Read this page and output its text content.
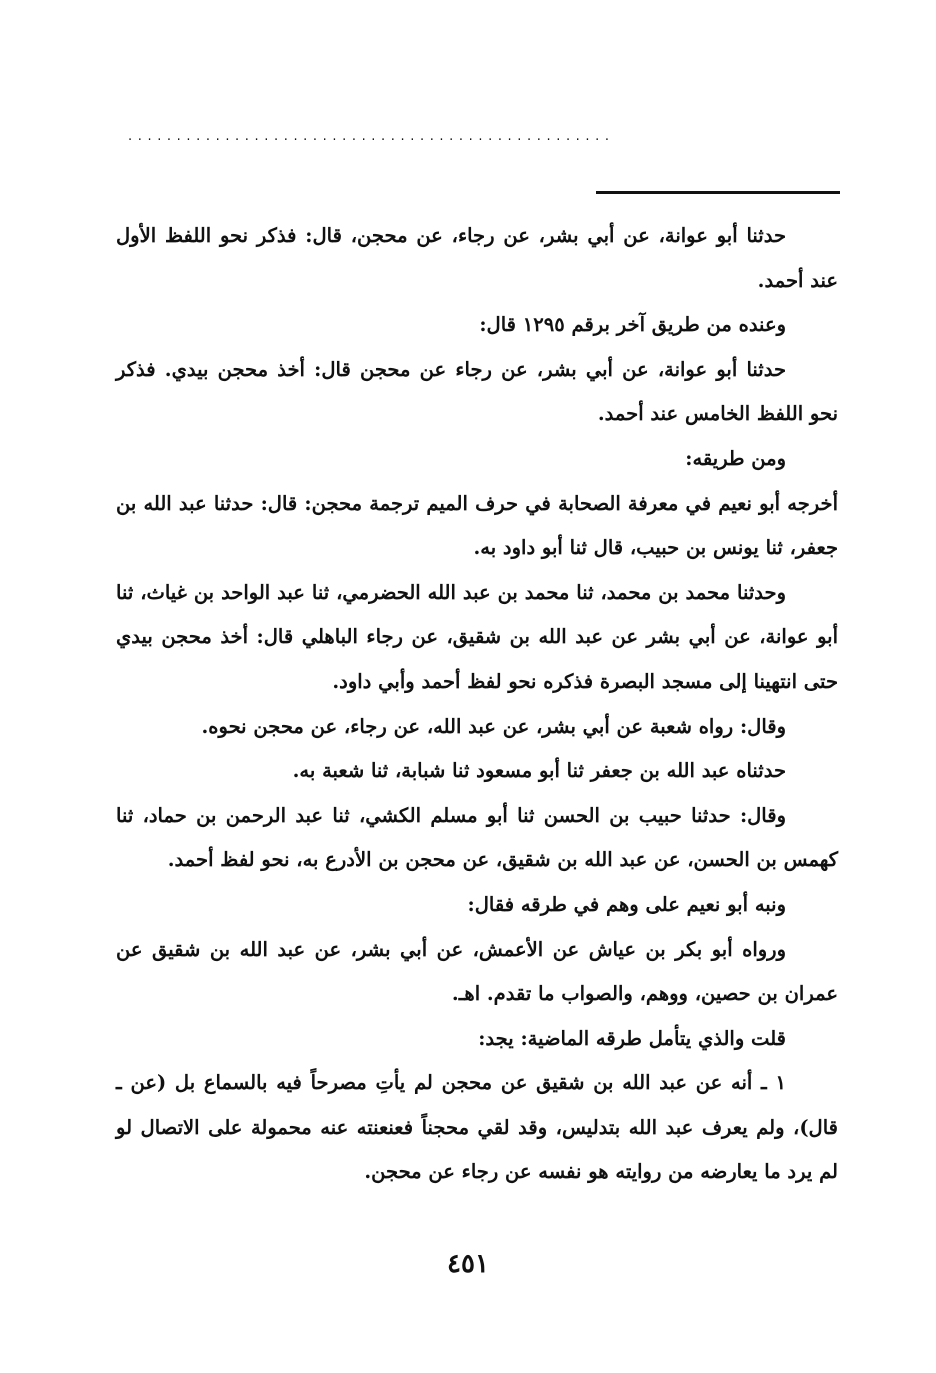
··················································

حدثنا أبو عوانة، عن أبي بشر، عن رجاء، عن محجن، قال: فذكر نحو اللفظ الأول عند أحمد.

وعنده من طريق آخر برقم ١٢٩٥ قال:

حدثنا أبو عوانة، عن أبي بشر، عن رجاء عن محجن قال: أخذ محجن بيدي. فذكر نحو اللفظ الخامس عند أحمد.

ومن طريقه:

أخرجه أبو نعيم في معرفة الصحابة في حرف الميم ترجمة محجن: قال: حدثنا عبد الله بن جعفر، ثنا يونس بن حبيب، قال ثنا أبو داود به.

وحدثنا محمد بن محمد، ثنا محمد بن عبد الله الحضرمي، ثنا عبد الواحد بن غياث، ثنا أبو عوانة، عن أبي بشر عن عبد الله بن شقيق، عن رجاء الباهلي قال: أخذ محجن بيدي حتى انتهينا إلى مسجد البصرة فذكره نحو لفظ أحمد وأبي داود.

وقال: رواه شعبة عن أبي بشر، عن عبد الله، عن رجاء، عن محجن نحوه.

حدثناه عبد الله بن جعفر ثنا أبو مسعود ثنا شبابة، ثنا شعبة به.

وقال: حدثنا حبيب بن الحسن ثنا أبو مسلم الكشي، ثنا عبد الرحمن بن حماد، ثنا كهمس بن الحسن، عن عبد الله بن شقيق، عن محجن بن الأدرع به، نحو لفظ أحمد.

ونبه أبو نعيم على وهم في طرقه فقال:

ورواه أبو بكر بن عياش عن الأعمش، عن أبي بشر، عن عبد الله بن شقيق عن عمران بن حصين، ووهم، والصواب ما تقدم. اهـ.

قلت والذي يتأمل طرقه الماضية: يجد:

١ ـ أنه عن عبد الله بن شقيق عن محجن لم يأتِ مصرحاً فيه بالسماع بل (عن ـ قال)، ولم يعرف عبد الله بتدليس، وقد لقي محجناً فعنعنته عنه محمولة على الاتصال لو لم يرد ما يعارضه من روايته هو نفسه عن رجاء عن محجن.

٤٥١
